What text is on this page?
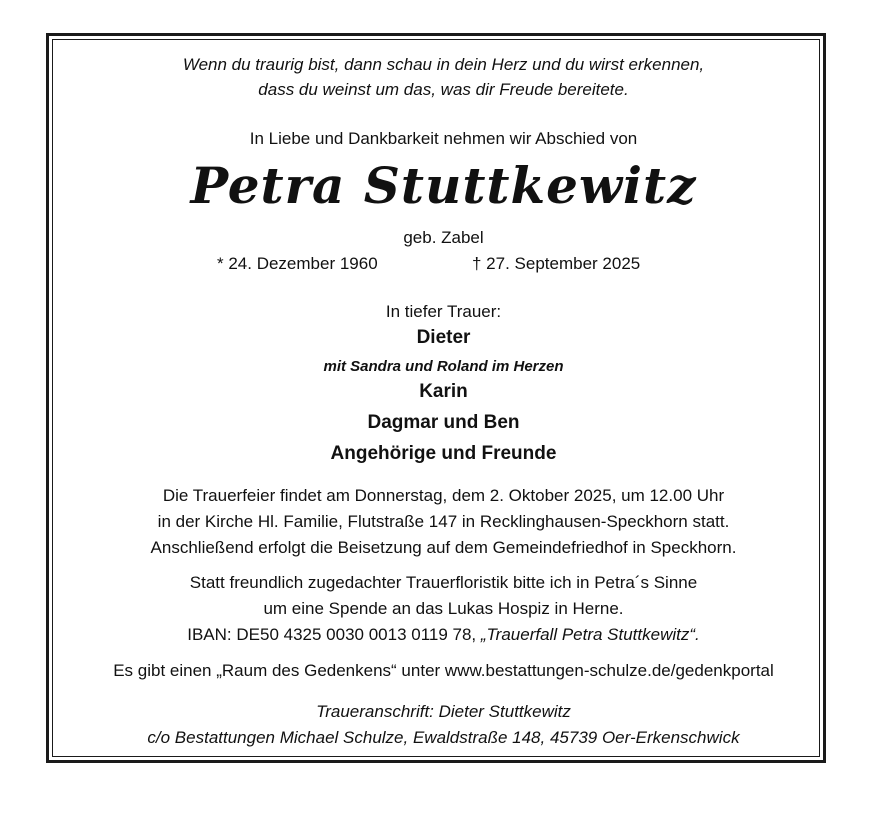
Wenn du traurig bist, dann schau in dein Herz und du wirst erkennen,
dass du weinst um das, was dir Freude bereitete.
In Liebe und Dankbarkeit nehmen wir Abschied von
Petra Stuttkewitz
geb. Zabel
* 24. Dezember 1960	† 27. September 2025
In tiefer Trauer:
Dieter
mit Sandra und Roland im Herzen
Karin
Dagmar und Ben
Angehörige und Freunde
Die Trauerfeier findet am Donnerstag, dem 2. Oktober 2025, um 12.00 Uhr
in der Kirche Hl. Familie, Flutstraße 147 in Recklinghausen-Speckhorn statt.
Anschließend erfolgt die Beisetzung auf dem Gemeindefriedhof in Speckhorn.
Statt freundlich zugedachter Trauerfloristik bitte ich in Petra´s Sinne
um eine Spende an das Lukas Hospiz in Herne.
IBAN: DE50 4325 0030 0013 0119 78, „Trauerfall Petra Stuttkewitz“.
Es gibt einen „Raum des Gedenkens“ unter www.bestattungen-schulze.de/gedenkportal
Traueranschrift: Dieter Stuttkewitz
c/o Bestattungen Michael Schulze, Ewaldstraße 148, 45739 Oer-Erkenschwick
